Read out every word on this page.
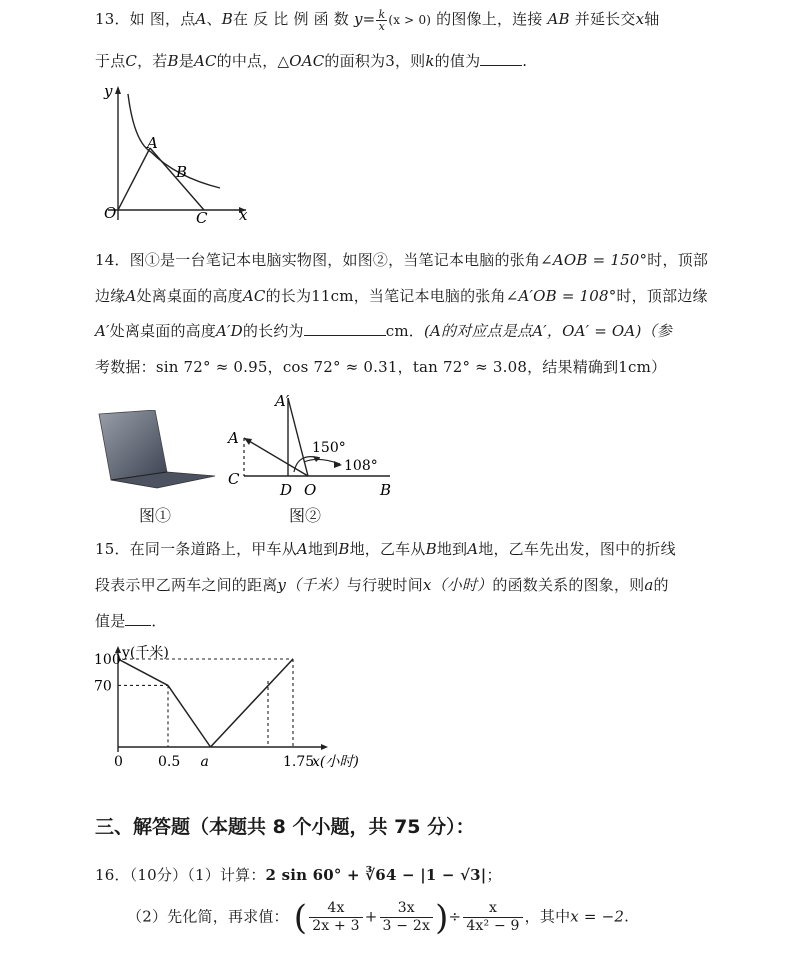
13．如 图，点A、B在 反 比 例 函 数 $y= \frac{k}{x} (x > 0)$ 的图像上，连接 AB 并延长交x轴
于点C，若B是AC的中点，△OAC的面积为3，则k的值为	.
y
x
O
A
B
C
14．图①是一台笔记本电脑实物图，如图②，当笔记本电脑的张角∠AOB = 150°时，顶部
边缘A处离桌面的高度AC的长为11cm，当笔记本电脑的张角∠A′OB = 108°时，顶部边缘
A′处离桌面的高度A′D的长约为	cm．(A的对应点是点A′，OA′ = OA)（参
考数据：sin 72° ≈ 0.95，cos 72° ≈ 0.31，tan 72° ≈ 3.08，结果精确到1cm）
图①
A′
A
C
D O	B
150°
108°
图②
15．在同一条道路上，甲车从A地到B地，乙车从B地到A地，乙车先出发，图中的折线
段表示甲乙两车之间的距离y（千米）与行驶时间x（小时）的函数关系的图象，则a的
值是 ．
0	0.5 a	1.75
100
70
y(千米)
x(小时)
三、解答题（本题共 8 个小题，共 75 分）：
16．（10分）（1）计算：2 sin 60° + ∛64 − |1 − √3|；
（2）先化简，再求值： ( $\frac{4x}{2x + 3} + \frac{3x}{3 - 2x}$ )÷ $\frac{x}{\text{4x² − 9}}$ ，其中x = −2.
